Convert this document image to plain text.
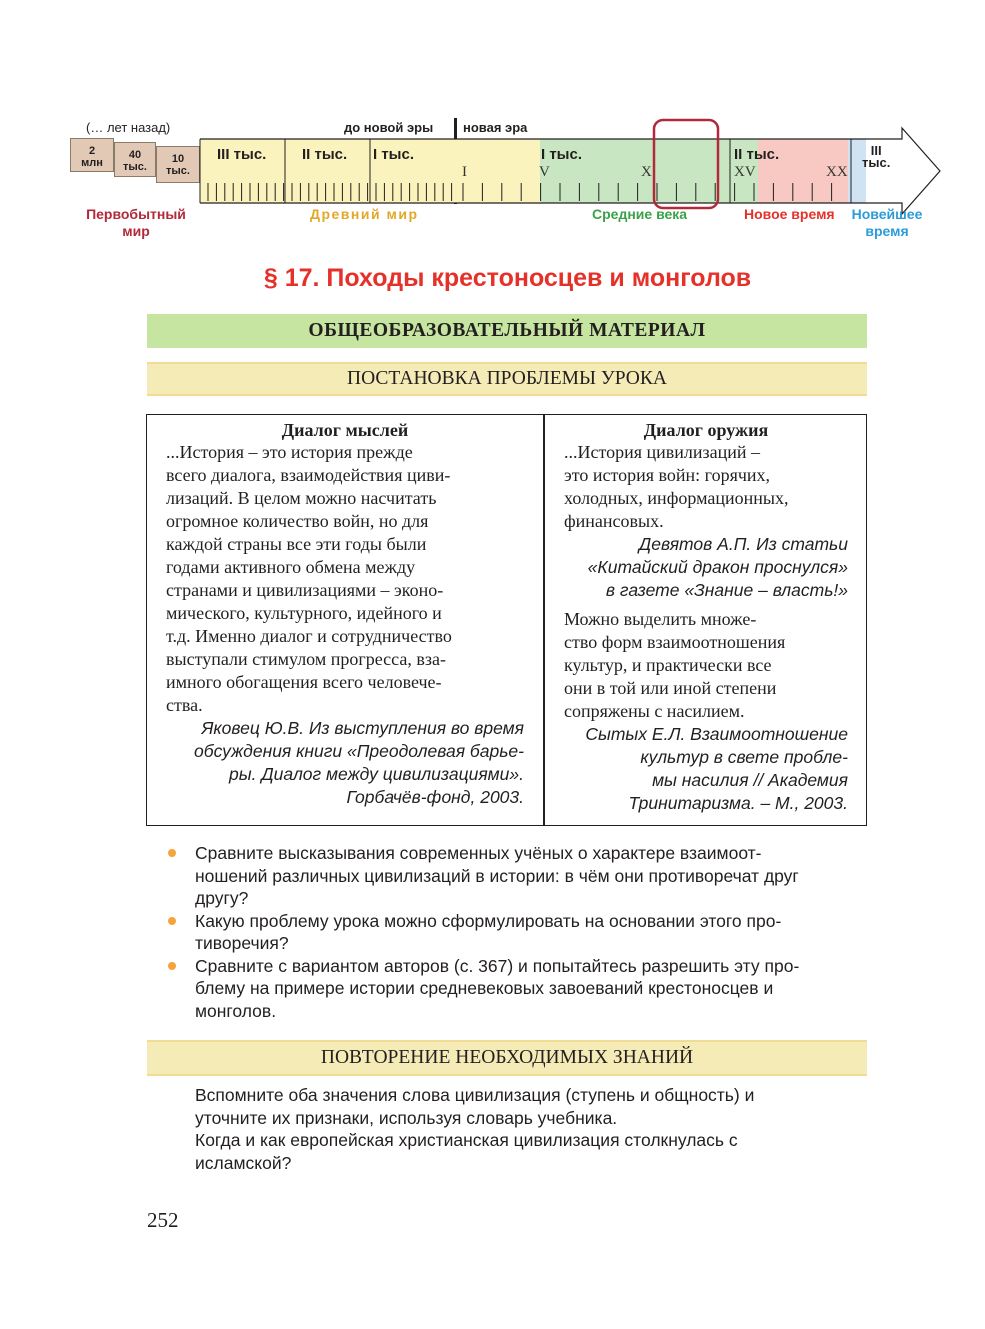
(… лет назад)	до новой эры новая эра
2
млн
40
тыс.
10
тыс.
III тыс. II тыс. I тыс.	I тыс.	II тыс.	III
тыс.
I	V	X	XV	XX
Первобытный
мир
Древний мир	Средние века	Новое время	Новейшее
время
§ 17. Походы крестоносцев и монголов
ОБЩЕОБРАЗОВАТЕЛЬНЫЙ МАТЕРИАЛ
ПОСТАНОВКА ПРОБЛЕМЫ УРОКА
Диалог мыслей
...История – это история прежде
всего диалога, взаимодействия циви-
лизаций. В целом можно насчитать
огромное количество войн, но для
каждой страны все эти годы были
годами активного обмена между
странами и цивилизациями – эконо-
мического, культурного, идейного и
т.д. Именно диалог и сотрудничество
выступали стимулом прогресса, вза-
имного обогащения всего человече-
ства.
Яковец Ю.В. Из выступления во время
обсуждения книги «Преодолевая барье-
ры. Диалог между цивилизациями».
Горбачёв-фонд, 2003.
Диалог оружия
...История цивилизаций –
это история войн: горячих,
холодных, информационных,
финансовых.
Девятов А.П. Из статьи
«Китайский дракон проснулся»
в газете «Знание – власть!»
Можно выделить множе-
ство форм взаимоотношения
культур, и практически все
они в той или иной степени
сопряжены с насилием.
Сытых Е.Л. Взаимоотношение
культур в свете пробле-
мы насилия // Академия
Тринитаризма. – М., 2003.
Сравните высказывания современных учёных о характере взаимоот-
ношений различных цивилизаций в истории: в чём они противоречат друг
другу?
Какую проблему урока можно сформулировать на основании этого про-
тиворечия?
Сравните с вариантом авторов (с. 367) и попытайтесь разрешить эту про-
блему на примере истории средневековых завоеваний крестоносцев и
монголов.
ПОВТОРЕНИЕ НЕОБХОДИМЫХ ЗНАНИЙ
Вспомните оба значения слова цивилизация (ступень и общность) и
уточните их признаки, используя словарь учебника.
Когда и как европейская христианская цивилизация столкнулась с
исламской?
252
